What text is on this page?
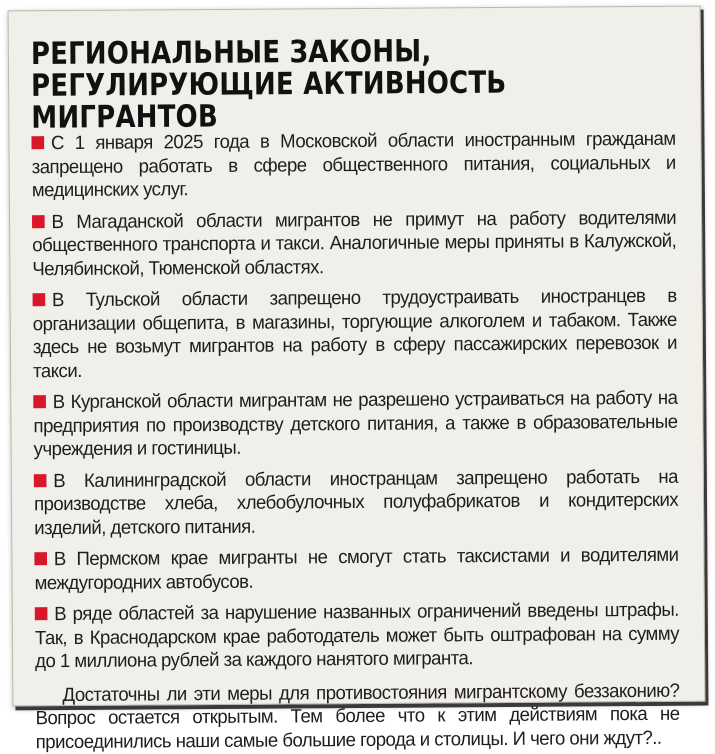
РЕГИОНАЛЬНЫЕ ЗАКОНЫ, РЕГУЛИРУЮЩИЕ АКТИВНОСТЬ МИГРАНТОВ
С 1 января 2025 года в Московской области иностранным гражданам запрещено работать в сфере общественного питания, социальных и медицинских услуг.
В Магаданской области мигрантов не примут на работу водителями общественного транспорта и такси. Аналогичные меры приняты в Калужской, Челябинской, Тюменской областях.
В Тульской области запрещено трудоустраивать иностранцев в организации общепита, в магазины, торгующие алкоголем и табаком. Также здесь не возьмут мигрантов на работу в сферу пассажирских перевозок и такси.
В Курганской области мигрантам не разрешено устраиваться на работу на предприятия по производству детского питания, а также в образовательные учреждения и гостиницы.
В Калининградской области иностранцам запрещено работать на производстве хлеба, хлебобулочных полуфабрикатов и кондитерских изделий, детского питания.
В Пермском крае мигранты не смогут стать таксистами и водителями междугородних автобусов.
В ряде областей за нарушение названных ограничений введены штрафы. Так, в Краснодарском крае работодатель может быть оштрафован на сумму до 1 миллиона рублей за каждого нанятого мигранта.

Достаточны ли эти меры для противостояния мигрантскому беззаконию? Вопрос остается открытым. Тем более что к этим действиям пока не присоединились наши самые большие города и столицы. И чего они ждут?..
